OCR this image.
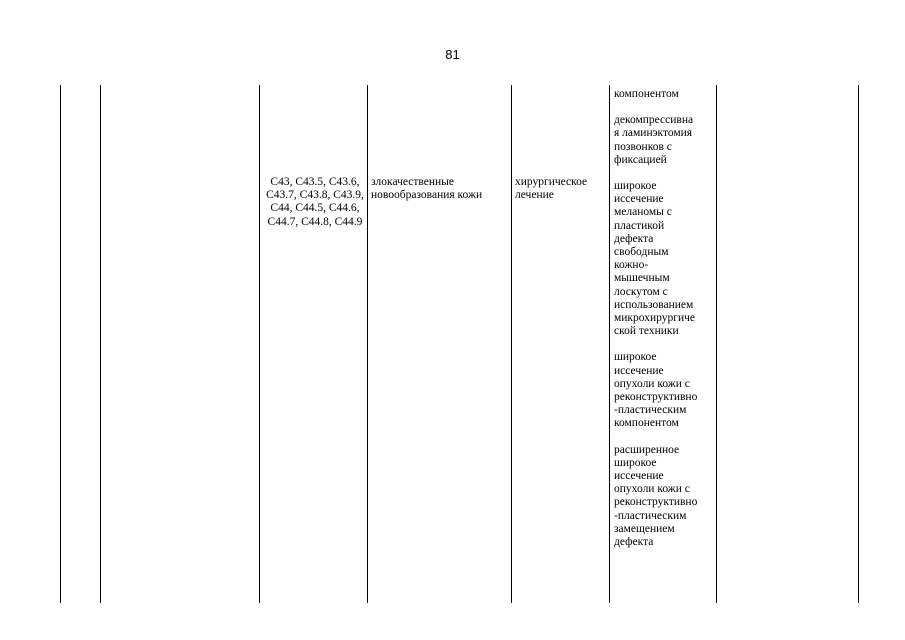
81
С43, С43.5, С43.6, С43.7, С43.8, С43.9, С44, С44.5, С44.6, С44.7, С44.8, С44.9
злокачественные новообразования кожи
хирургическое лечение

компонентом

декомпрессивна
я ламинэктомия
позвонков с
фиксацией

широкое
иссечение
меланомы с
пластикой
дефекта
свободным
кожно-
мышечным
лоскутом с
использованием
микрохирургиче
ской техники

широкое
иссечение
опухоли кожи с
реконструктивно
-пластическим
компонентом

расширенное
широкое
иссечение
опухоли кожи с
реконструктивно
-пластическим
замещением
дефекта
